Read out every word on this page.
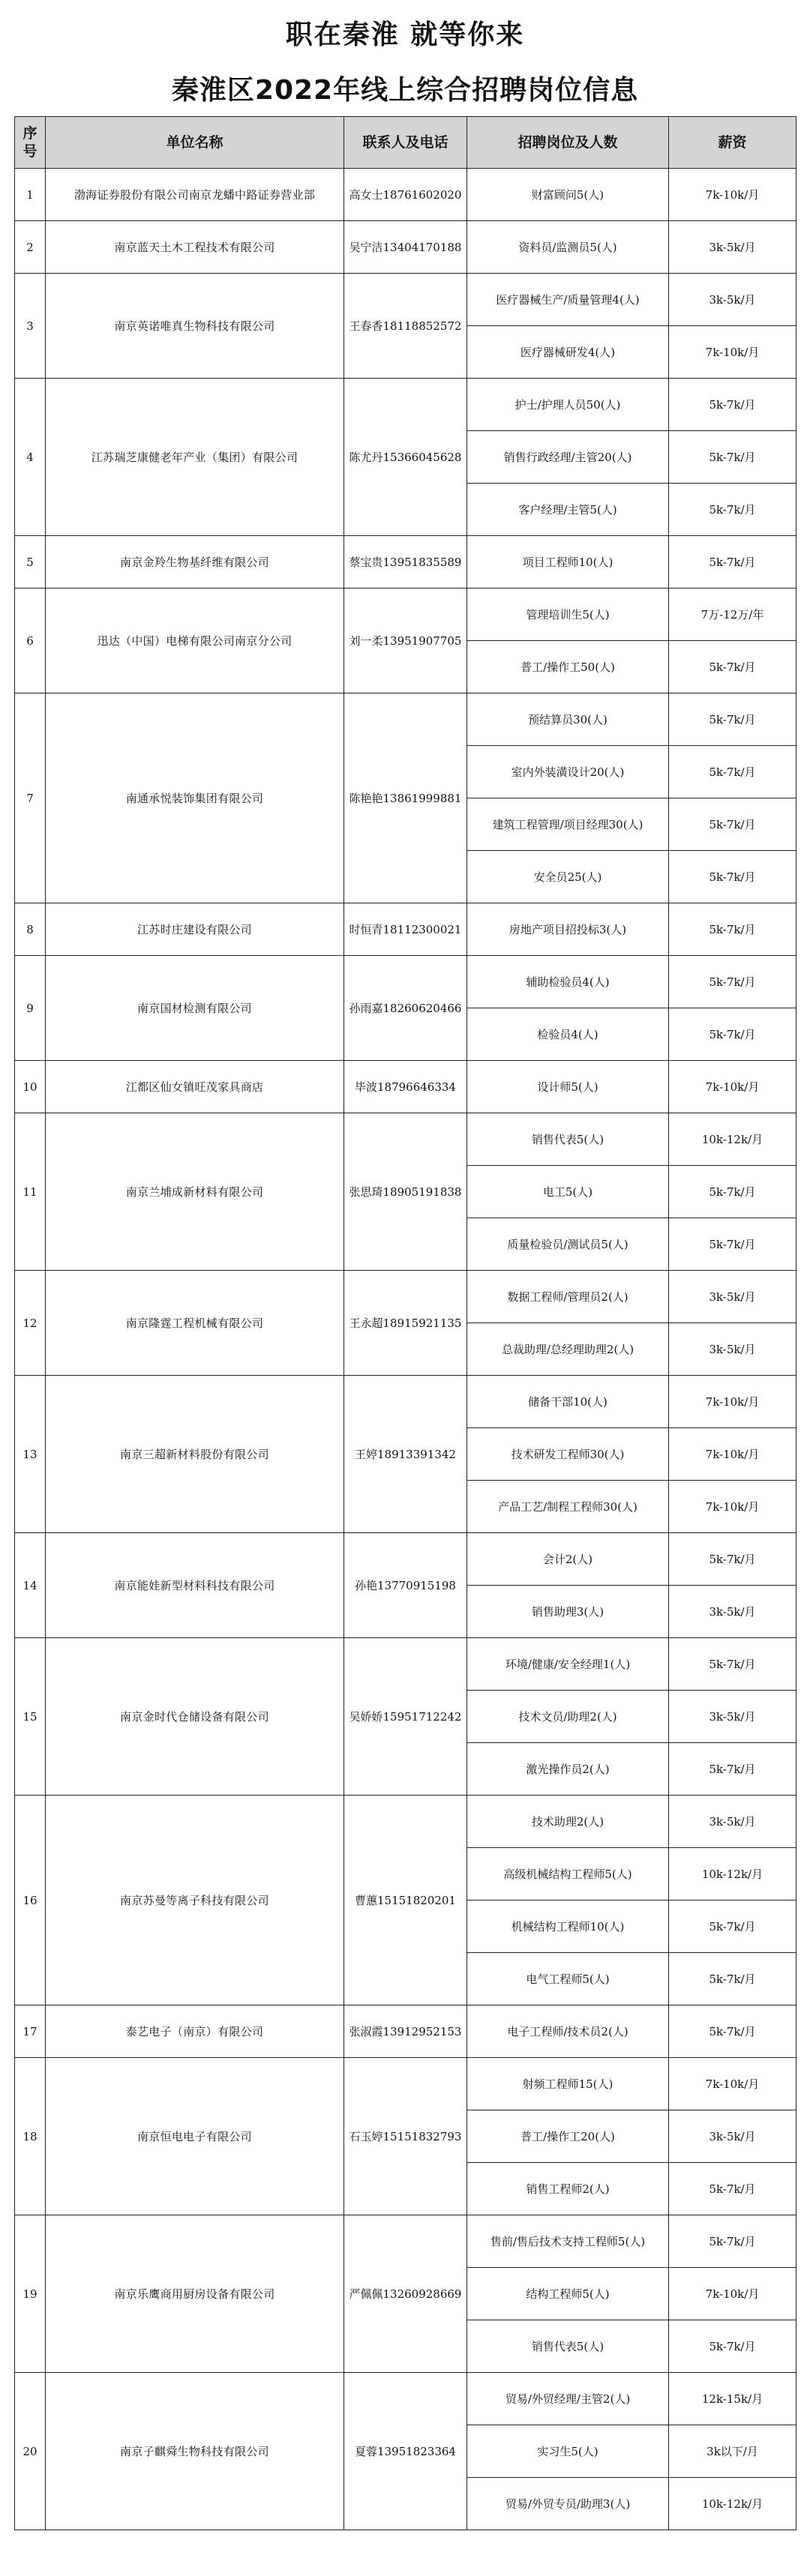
职在秦淮 就等你来
秦淮区2022年线上综合招聘岗位信息
序号	单位名称	联系人及电话	招聘岗位及人数	薪资
1	渤海证券股份有限公司南京龙蟠中路证券营业部	高女士18761602020	财富顾问5(人)	7k-10k/月
2	南京蓝天土木工程技术有限公司	吴宁洁13404170188	资料员/监测员5(人)	3k-5k/月
3	南京英诺唯真生物科技有限公司	王春香18118852572	医疗器械生产/质量管理4(人)	3k-5k/月
			医疗器械研发4(人)	7k-10k/月
4	江苏瑞芝康健老年产业（集团）有限公司	陈尤丹15366045628	护士/护理人员50(人)	5k-7k/月
			销售行政经理/主管20(人)	5k-7k/月
			客户经理/主管5(人)	5k-7k/月
5	南京金羚生物基纤维有限公司	蔡宝贵13951835589	项目工程师10(人)	5k-7k/月
6	迅达（中国）电梯有限公司南京分公司	刘一柔13951907705	管理培训生5(人)	7万-12万/年
			普工/操作工50(人)	5k-7k/月
7	南通承悦装饰集团有限公司	陈艳艳13861999881	预结算员30(人)	5k-7k/月
			室内外装潢设计20(人)	5k-7k/月
			建筑工程管理/项目经理30(人)	5k-7k/月
			安全员25(人)	5k-7k/月
8	江苏时庄建设有限公司	时恒青18112300021	房地产项目招投标3(人)	5k-7k/月
9	南京国材检测有限公司	孙雨嘉18260620466	辅助检验员4(人)	5k-7k/月
			检验员4(人)	5k-7k/月
10	江都区仙女镇旺茂家具商店	毕波18796646334	设计师5(人)	7k-10k/月
11	南京兰埔成新材料有限公司	张思琦18905191838	销售代表5(人)	10k-12k/月
			电工5(人)	5k-7k/月
			质量检验员/测试员5(人)	5k-7k/月
12	南京隆霆工程机械有限公司	王永超18915921135	数据工程师/管理员2(人)	3k-5k/月
			总裁助理/总经理助理2(人)	3k-5k/月
13	南京三超新材料股份有限公司	王婷18913391342	储备干部10(人)	7k-10k/月
			技术研发工程师30(人)	7k-10k/月
			产品工艺/制程工程师30(人)	7k-10k/月
14	南京能娃新型材料科技有限公司	孙艳13770915198	会计2(人)	5k-7k/月
			销售助理3(人)	3k-5k/月
15	南京金时代仓储设备有限公司	吴娇娇15951712242	环境/健康/安全经理1(人)	5k-7k/月
			技术文员/助理2(人)	3k-5k/月
			激光操作员2(人)	5k-7k/月
16	南京苏曼等离子科技有限公司	曹蕙15151820201	技术助理2(人)	3k-5k/月
			高级机械结构工程师5(人)	10k-12k/月
			机械结构工程师10(人)	5k-7k/月
			电气工程师5(人)	5k-7k/月
17	泰艺电子（南京）有限公司	张淑霞13912952153	电子工程师/技术员2(人)	5k-7k/月
18	南京恒电电子有限公司	石玉婷15151832793	射频工程师15(人)	7k-10k/月
			普工/操作工20(人)	3k-5k/月
			销售工程师2(人)	5k-7k/月
19	南京乐鹰商用厨房设备有限公司	严佩佩13260928669	售前/售后技术支持工程师5(人)	5k-7k/月
			结构工程师5(人)	7k-10k/月
			销售代表5(人)	5k-7k/月
20	南京子麒舜生物科技有限公司	夏蓉13951823364	贸易/外贸经理/主管2(人)	12k-15k/月
			实习生5(人)	3k以下/月
			贸易/外贸专员/助理3(人)	10k-12k/月
